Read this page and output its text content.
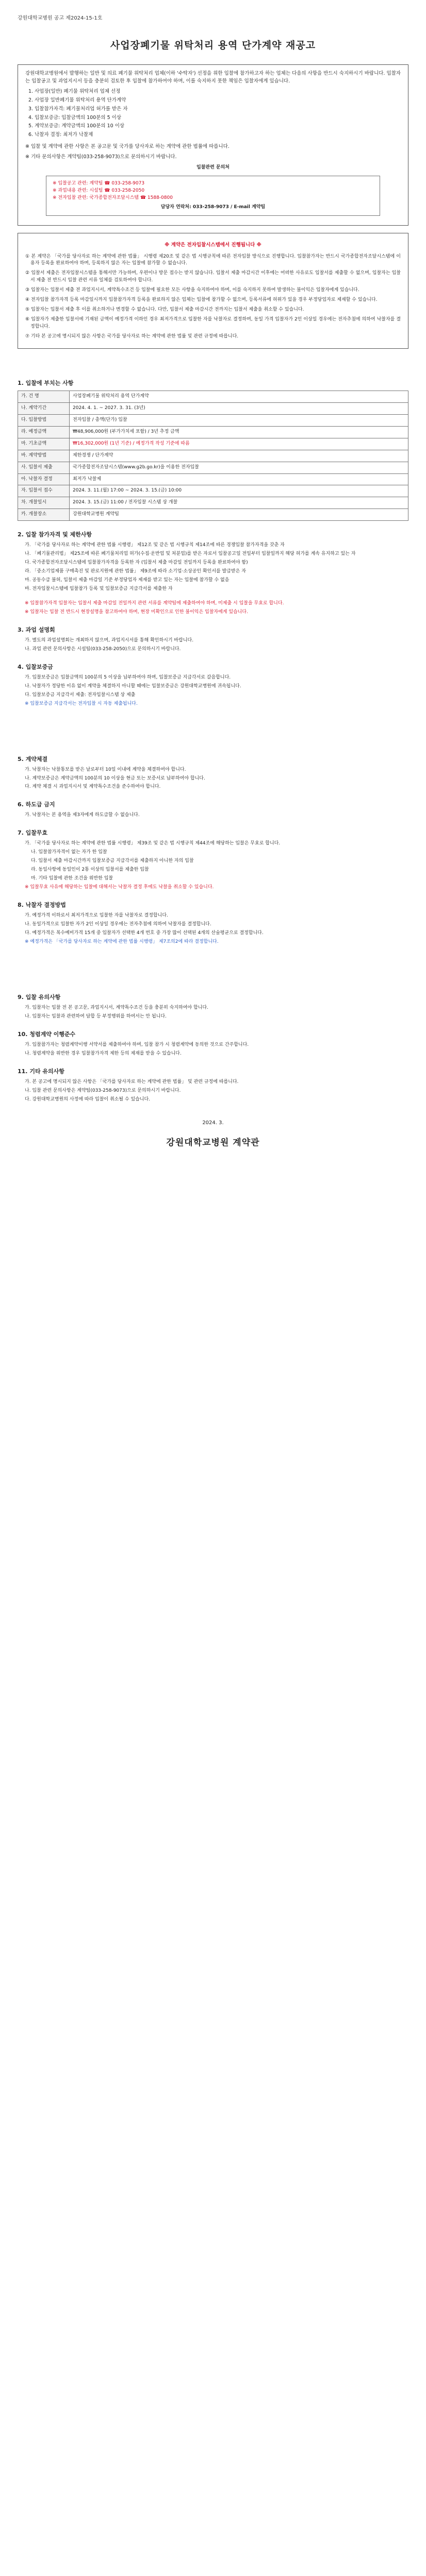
강원대학교병원 공고 제2024-15-1호
사업장폐기물 위탁처리 용역 단가계약 재공고

강원대학교병원에서 발행하는 일반 및 의료 폐기물 위탁처리 업체(이하 '수탁자') 선정을 위한 입찰에 참가하고자 하는 업체는 다음의 사항을 반드시 숙지하시기 바랍니다. 입찰자는 입찰공고 및 과업지시서 등을 충분히 검토한 후 입찰에 참가하여야 하며, 이를 숙지하지 못한 책임은 입찰자에게 있습니다.

1. 사업장(일반) 폐기물 위탁처리 업체 선정
2. 사업장 일반폐기물 위탁처리 용역 단가계약
3. 입찰참가자격: 폐기물처리업 허가를 받은 자
4. 입찰보증금: 입찰금액의 100분의 5 이상
5. 계약보증금: 계약금액의 100분의 10 이상
6. 낙찰자 결정: 최저가 낙찰제

※ 입찰 및 계약에 관한 사항은 본 공고문 및 국가를 당사자로 하는 계약에 관한 법률에 따릅니다.

※ 기타 문의사항은 계약팀(033-258-9073)으로 문의하시기 바랍니다.

입찰관련 문의처
※ 입찰공고 관련: 계약팀 ☎ 033-258-9073
※ 과업내용 관련: 시설팀 ☎ 033-258-2050
※ 전자입찰 관련: 국가종합전자조달시스템 ☎ 1588-0800
담당자 연락처: 033-258-9073 / E-mail 계약팀
※ 계약은 전자입찰시스템에서 진행됩니다 ※

① 본 계약은 「국가를 당사자로 하는 계약에 관한 법률」 시행령 제20조 및 같은 법 시행규칙에 따른 전자입찰 방식으로 진행합니다. 입찰참가자는 반드시 국가종합전자조달시스템에 이용자 등록을 완료하여야 하며, 등록하지 않은 자는 입찰에 참가할 수 없습니다.

② 입찰서 제출은 전자입찰시스템을 통해서만 가능하며, 우편이나 방문 접수는 받지 않습니다. 입찰서 제출 마감시간 이후에는 어떠한 사유로도 입찰서를 제출할 수 없으며, 입찰자는 입찰서 제출 전 반드시 입찰 관련 서류 일체를 검토하여야 합니다.

③ 입찰자는 입찰서 제출 전 과업지시서, 계약특수조건 등 입찰에 필요한 모든 사항을 숙지하여야 하며, 이를 숙지하지 못하여 발생하는 불이익은 입찰자에게 있습니다.

④ 전자입찰 참가자격 등록 마감일시까지 입찰참가자격 등록을 완료하지 않은 업체는 입찰에 참가할 수 없으며, 등록서류에 허위가 있을 경우 부정당업자로 제재할 수 있습니다.

⑤ 입찰자는 입찰서 제출 후 이를 취소하거나 변경할 수 없습니다. 다만, 입찰서 제출 마감시간 전까지는 입찰서 제출을 취소할 수 있습니다.

⑥ 입찰자가 제출한 입찰서에 기재된 금액이 예정가격 이하인 경우 최저가격으로 입찰한 자를 낙찰자로 결정하며, 동일 가격 입찰자가 2인 이상일 경우에는 전자추첨에 의하여 낙찰자를 결정합니다.

⑦ 기타 본 공고에 명시되지 않은 사항은 국가를 당사자로 하는 계약에 관한 법률 및 관련 규정에 따릅니다.

1. 입찰에 부치는 사항
가. 건 명	사업장폐기물 위탁처리 용역 단가계약
나. 계약기간	2024. 4. 1. ~ 2027. 3. 31. (3년)
다. 입찰방법	전자입찰 / 총액(단가) 입찰
라. 예정금액	₩48,906,000원 (부가가치세 포함) / 3년 추정 금액
마. 기초금액	₩16,302,000원 (1년 기준) / 예정가격 작성 기준에 따름
바. 계약방법	제한경쟁 / 단가계약
사. 입찰서 제출	국가종합전자조달시스템(www.g2b.go.kr)을 이용한 전자입찰
아. 낙찰자 결정	최저가 낙찰제
자. 입찰서 접수	2024. 3. 11.(월) 17:00 ~ 2024. 3. 15.(금) 10:00
차. 개찰일시	2024. 3. 15.(금) 11:00 / 전자입찰 시스템 상 개찰
카. 개찰장소	강원대학교병원 계약팀
2. 입찰 참가자격 및 제한사항
가. 「국가를 당사자로 하는 계약에 관한 법률 시행령」 제12조 및 같은 법 시행규칙 제14조에 따른 경쟁입찰 참가자격을 갖춘 자
나. 「폐기물관리법」 제25조에 따른 폐기물처리업 허가(수집·운반업 및 처분업)를 받은 자로서 입찰공고일 전일부터 입찰일까지 해당 허가를 계속 유지하고 있는 자
다. 국가종합전자조달시스템에 입찰참가자격을 등록한 자 (입찰서 제출 마감일 전일까지 등록을 완료하여야 함)
라. 「중소기업제품 구매촉진 및 판로지원에 관한 법률」 제9조에 따라 소기업·소상공인 확인서를 발급받은 자
마. 공동수급 불허, 입찰서 제출 마감일 기준 부정당업자 제재를 받고 있는 자는 입찰에 참가할 수 없음
바. 전자입찰시스템에 입찰참가 등록 및 입찰보증금 지급각서를 제출한 자
※ 입찰참가자격 입찰자는 입찰서 제출 마감일 전일까지 관련 서류를 계약팀에 제출하여야 하며, 미제출 시 입찰을 무효로 합니다.
※ 입찰자는 입찰 전 반드시 현장설명을 참고하여야 하며, 현장 미확인으로 인한 불이익은 입찰자에게 있습니다.
3. 과업 설명회
가. 별도의 과업설명회는 개최하지 않으며, 과업지시서를 통해 확인하시기 바랍니다.
나. 과업 관련 문의사항은 시설팀(033-258-2050)으로 문의하시기 바랍니다.
4. 입찰보증금
가. 입찰보증금은 입찰금액의 100분의 5 이상을 납부하여야 하며, 입찰보증금 지급각서로 갈음합니다.
나. 낙찰자가 정당한 이유 없이 계약을 체결하지 아니할 때에는 입찰보증금은 강원대학교병원에 귀속됩니다.
다. 입찰보증금 지급각서 제출: 전자입찰시스템 상 제출
※ 입찰보증금 지급각서는 전자입찰 시 자동 제출됩니다.
5. 계약체결
가. 낙찰자는 낙찰통보를 받은 날로부터 10일 이내에 계약을 체결하여야 합니다.
나. 계약보증금은 계약금액의 100분의 10 이상을 현금 또는 보증서로 납부하여야 합니다.
다. 계약 체결 시 과업지시서 및 계약특수조건을 준수하여야 합니다.
6. 하도급 금지
가. 낙찰자는 본 용역을 제3자에게 하도급할 수 없습니다.
7. 입찰무효
가. 「국가를 당사자로 하는 계약에 관한 법률 시행령」 제39조 및 같은 법 시행규칙 제44조에 해당하는 입찰은 무효로 합니다.
나. 입찰참가자격이 없는 자가 한 입찰
다. 입찰서 제출 마감시간까지 입찰보증금 지급각서를 제출하지 아니한 자의 입찰
라. 동일사항에 동일인이 2통 이상의 입찰서를 제출한 입찰
마. 기타 입찰에 관한 조건을 위반한 입찰
※ 입찰무효 사유에 해당하는 입찰에 대해서는 낙찰자 결정 후에도 낙찰을 취소할 수 있습니다.
8. 낙찰자 결정방법
가. 예정가격 이하로서 최저가격으로 입찰한 자를 낙찰자로 결정합니다.
나. 동일가격으로 입찰한 자가 2인 이상일 경우에는 전자추첨에 의하여 낙찰자를 결정합니다.
다. 예정가격은 복수예비가격 15개 중 입찰자가 선택한 4개 번호 중 가장 많이 선택된 4개의 산술평균으로 결정합니다.
※ 예정가격은 「국가를 당사자로 하는 계약에 관한 법률 시행령」 제7조의2에 따라 결정합니다.
9. 입찰 유의사항
가. 입찰자는 입찰 전 본 공고문, 과업지시서, 계약특수조건 등을 충분히 숙지하여야 합니다.
나. 입찰자는 입찰과 관련하여 담합 등 부정행위를 하여서는 안 됩니다.
10. 청렴계약 이행준수
가. 입찰참가자는 청렴계약이행 서약서를 제출하여야 하며, 입찰 참가 시 청렴계약에 동의한 것으로 간주합니다.
나. 청렴계약을 위반한 경우 입찰참가자격 제한 등의 제재를 받을 수 있습니다.
11. 기타 유의사항
가. 본 공고에 명시되지 않은 사항은 「국가를 당사자로 하는 계약에 관한 법률」 및 관련 규정에 따릅니다.
나. 입찰 관련 문의사항은 계약팀(033-258-9073)으로 문의하시기 바랍니다.
다. 강원대학교병원의 사정에 따라 입찰이 취소될 수 있습니다.
2024. 3.
강원대학교병원 계약관
